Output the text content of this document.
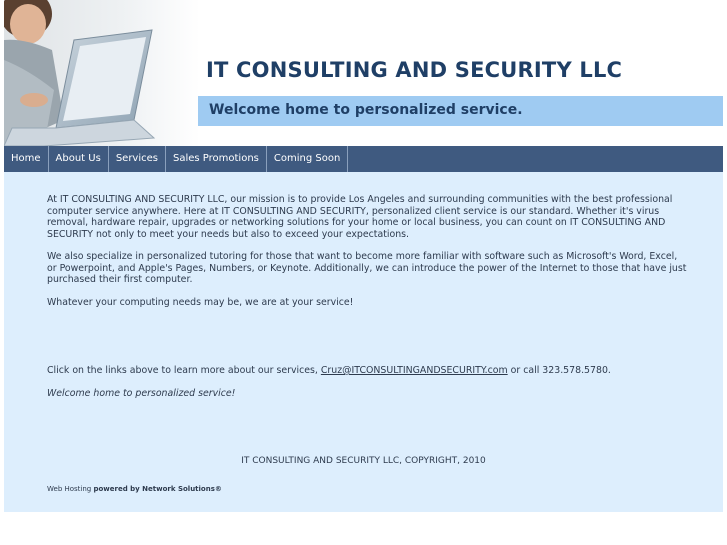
IT CONSULTING AND SECURITY LLC
Welcome home to personalized service.
Home	About Us	Services	Sales Promotions	Coming Soon

At IT CONSULTING AND SECURITY LLC, our mission is to provide Los Angeles and surrounding communities with the best professional computer service anywhere. Here at IT CONSULTING AND SECURITY, personalized client service is our standard. Whether it's virus removal, hardware repair, upgrades or networking solutions for your home or local business, you can count on IT CONSULTING AND SECURITY not only to meet your needs but also to exceed your expectations.

We also specialize in personalized tutoring for those that want to become more familiar with software such as Microsoft's Word, Excel, or Powerpoint, and Apple's Pages, Numbers, or Keynote. Additionally, we can introduce the power of the Internet to those that have just purchased their first computer.

Whatever your computing needs may be, we are at your service!

Click on the links above to learn more about our services, Cruz@ITCONSULTINGANDSECURITY.com or call 323.578.5780.

Welcome home to personalized service!

IT CONSULTING AND SECURITY LLC, COPYRIGHT, 2010
Web Hosting powered by Network Solutions®
